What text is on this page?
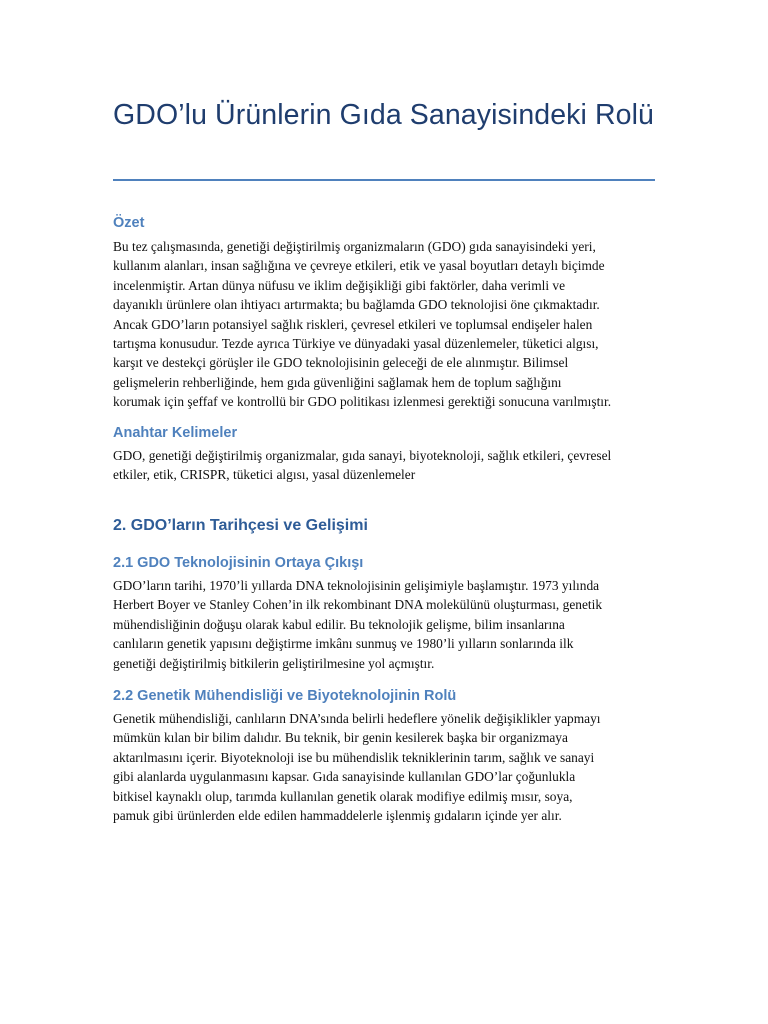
GDO’lu Ürünlerin Gıda Sanayisindeki Rolü
Özet

Bu tez çalışmasında, genetiği değiştirilmiş organizmaların (GDO) gıda sanayisindeki yeri,
kullanım alanları, insan sağlığına ve çevreye etkileri, etik ve yasal boyutları detaylı biçimde
incelenmiştir. Artan dünya nüfusu ve iklim değişikliği gibi faktörler, daha verimli ve
dayanıklı ürünlere olan ihtiyacı artırmakta; bu bağlamda GDO teknolojisi öne çıkmaktadır.
Ancak GDO’ların potansiyel sağlık riskleri, çevresel etkileri ve toplumsal endişeler halen
tartışma konusudur. Tezde ayrıca Türkiye ve dünyadaki yasal düzenlemeler, tüketici algısı,
karşıt ve destekçi görüşler ile GDO teknolojisinin geleceği de ele alınmıştır. Bilimsel
gelişmelerin rehberliğinde, hem gıda güvenliğini sağlamak hem de toplum sağlığını
korumak için şeffaf ve kontrollü bir GDO politikası izlenmesi gerektiği sonucuna varılmıştır.

Anahtar Kelimeler

GDO, genetiği değiştirilmiş organizmalar, gıda sanayi, biyoteknoloji, sağlık etkileri, çevresel
etkiler, etik, CRISPR, tüketici algısı, yasal düzenlemeler

2. GDO’ların Tarihçesi ve Gelişimi
2.1 GDO Teknolojisinin Ortaya Çıkışı

GDO’ların tarihi, 1970’li yıllarda DNA teknolojisinin gelişimiyle başlamıştır. 1973 yılında
Herbert Boyer ve Stanley Cohen’in ilk rekombinant DNA molekülünü oluşturması, genetik
mühendisliğinin doğuşu olarak kabul edilir. Bu teknolojik gelişme, bilim insanlarına
canlıların genetik yapısını değiştirme imkânı sunmuş ve 1980’li yılların sonlarında ilk
genetiği değiştirilmiş bitkilerin geliştirilmesine yol açmıştır.

2.2 Genetik Mühendisliği ve Biyoteknolojinin Rolü

Genetik mühendisliği, canlıların DNA’sında belirli hedeflere yönelik değişiklikler yapmayı
mümkün kılan bir bilim dalıdır. Bu teknik, bir genin kesilerek başka bir organizmaya
aktarılmasını içerir. Biyoteknoloji ise bu mühendislik tekniklerinin tarım, sağlık ve sanayi
gibi alanlarda uygulanmasını kapsar. Gıda sanayisinde kullanılan GDO’lar çoğunlukla
bitkisel kaynaklı olup, tarımda kullanılan genetik olarak modifiye edilmiş mısır, soya,
pamuk gibi ürünlerden elde edilen hammaddelerle işlenmiş gıdaların içinde yer alır.
